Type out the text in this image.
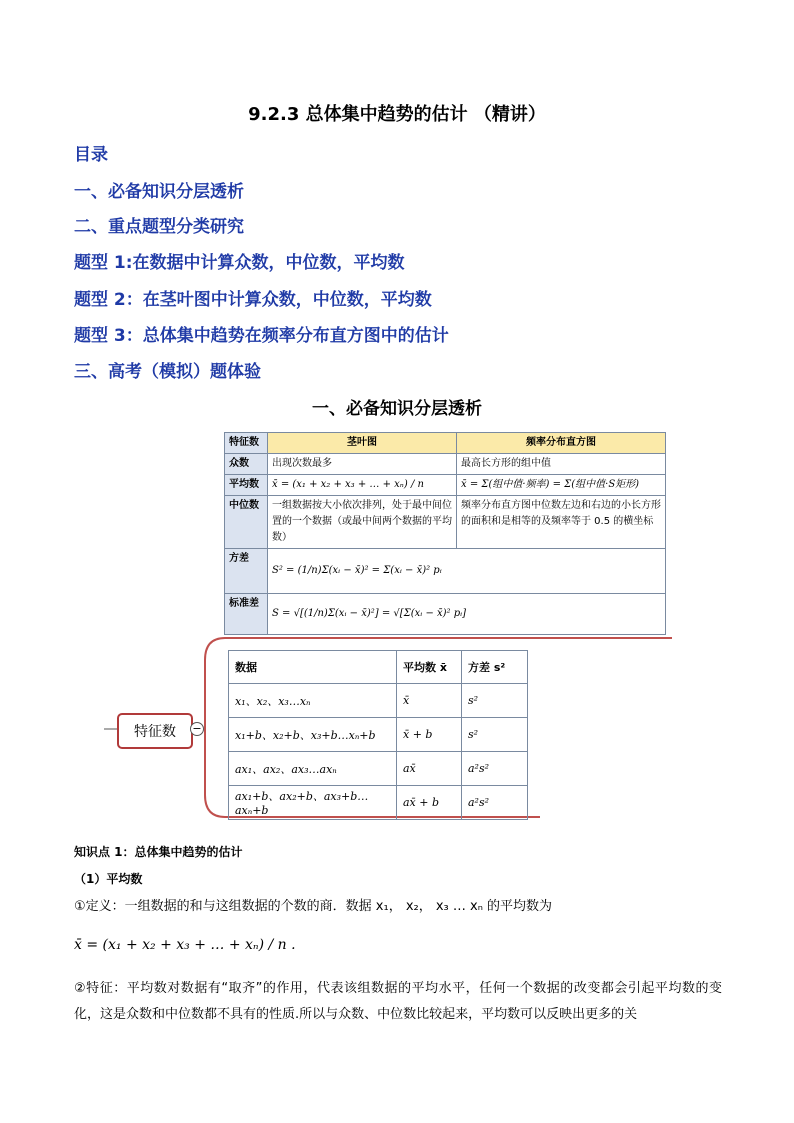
9.2.3 总体集中趋势的估计 （精讲）
目录
一、必备知识分层透析
二、重点题型分类研究
题型 1:在数据中计算众数，中位数，平均数
题型 2：在茎叶图中计算众数，中位数，平均数
题型 3：总体集中趋势在频率分布直方图中的估计
三、高考（模拟）题体验
一、必备知识分层透析
特征数	茎叶图	频率分布直方图
众数	出现次数最多	最高长方形的组中值
平均数	x̄ = (x₁ + x₂ + x₃ + … + xₙ) / n	x̄ = Σ(组中值·频率) = Σ(组中值·S矩形)
中位数	一组数据按大小依次排列，处于最中间位置的一个数据（或最中间两个数据的平均数）	频率分布直方图中位数左边和右边的小长方形的面积和是相等的及频率等于 0.5 的横坐标
方差	S² = (1/n)Σ(xᵢ − x̄)² = Σ(xᵢ − x̄)² pᵢ	
标准差	S = √[(1/n)Σ(xᵢ − x̄)²] = √[Σ(xᵢ − x̄)² pᵢ]	
特征数	−
数据	平均数 x̄	方差 s²
x₁、x₂、x₃…xₙ	x̄	s²
x₁+b、x₂+b、x₃+b…xₙ+b	x̄ + b	s²
ax₁、ax₂、ax₃…axₙ	ax̄	a²s²
ax₁+b、ax₂+b、ax₃+b…axₙ+b	ax̄ + b	a²s²
知识点 1：总体集中趋势的估计
（1）平均数
①定义：一组数据的和与这组数据的个数的商．数据 x₁， x₂， x₃ … xₙ 的平均数为
x̄ = (x₁ + x₂ + x₃ + … + xₙ) / n .
②特征：平均数对数据有“取齐”的作用，代表该组数据的平均水平，任何一个数据的改变都会引起平均数的变化，这是众数和中位数都不具有的性质.所以与众数、中位数比较起来，平均数可以反映出更多的关
